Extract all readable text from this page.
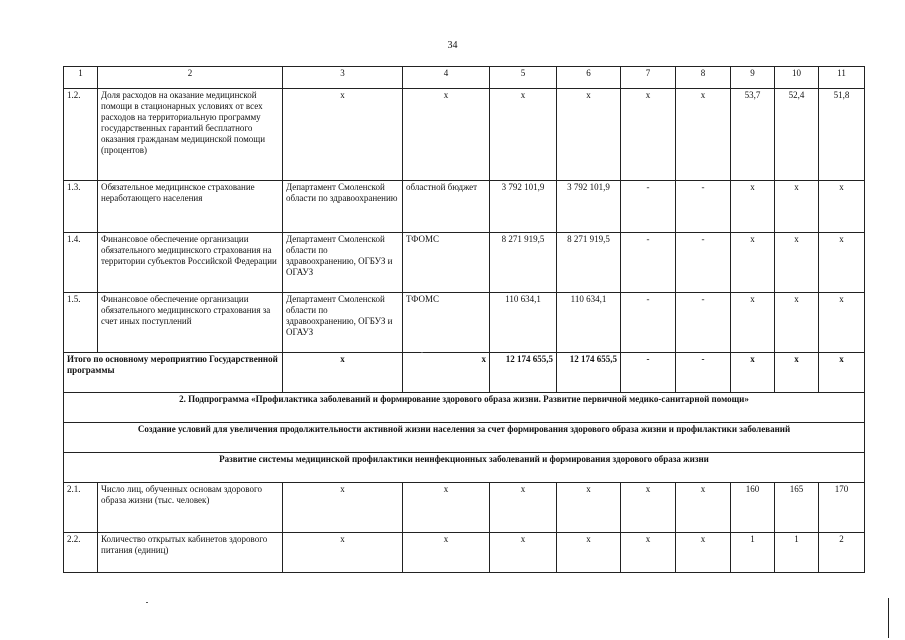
34
1	2	3	4	5	6	7	8	9	10	11
1.2.	Доля расходов на оказание медицинской помощи в стационарных условиях от всех расходов на территориальную программу государственных гарантий бесплатного оказания гражданам медицинской помощи (процентов)	х	х	х	х	х	х	53,7	52,4	51,8
1.3.	Обязательное медицинское страхование неработающего населения	Департамент Смоленской области по здравоохранению	областной бюджет	3 792 101,9	3 792 101,9	-	-	х	х	х
1.4.	Финансовое обеспечение организации обязательного медицинского страхования на территории субъектов Российской Федерации	Департамент Смоленской области по здравоохранению, ОГБУЗ и ОГАУЗ	ТФОМС	8 271 919,5	8 271 919,5	-	-	х	х	х
1.5.	Финансовое обеспечение организации обязательного медицинского страхования за счет иных поступлений	Департамент Смоленской области по здравоохранению, ОГБУЗ и ОГАУЗ	ТФОМС	110 634,1	110 634,1	-	-	х	х	х
Итого по основному мероприятию Государственной программы		х	х	12 174 655,5	12 174 655,5	-	-	х	х	х
2. Подпрограмма «Профилактика заболеваний и формирование здорового образа жизни. Развитие первичной медико-санитарной помощи»										
Создание условий для увеличения продолжительности активной жизни населения за счет формирования здорового образа жизни и профилактики заболеваний										
Развитие системы медицинской профилактики неинфекционных заболеваний и формирования здорового образа жизни										
2.1.	Число лиц, обученных основам здорового образа жизни (тыс. человек)	х	х	х	х	х	х	160	165	170
2.2.	Количество открытых кабинетов здорового питания (единиц)	х	х	х	х	х	х	1	1	2
